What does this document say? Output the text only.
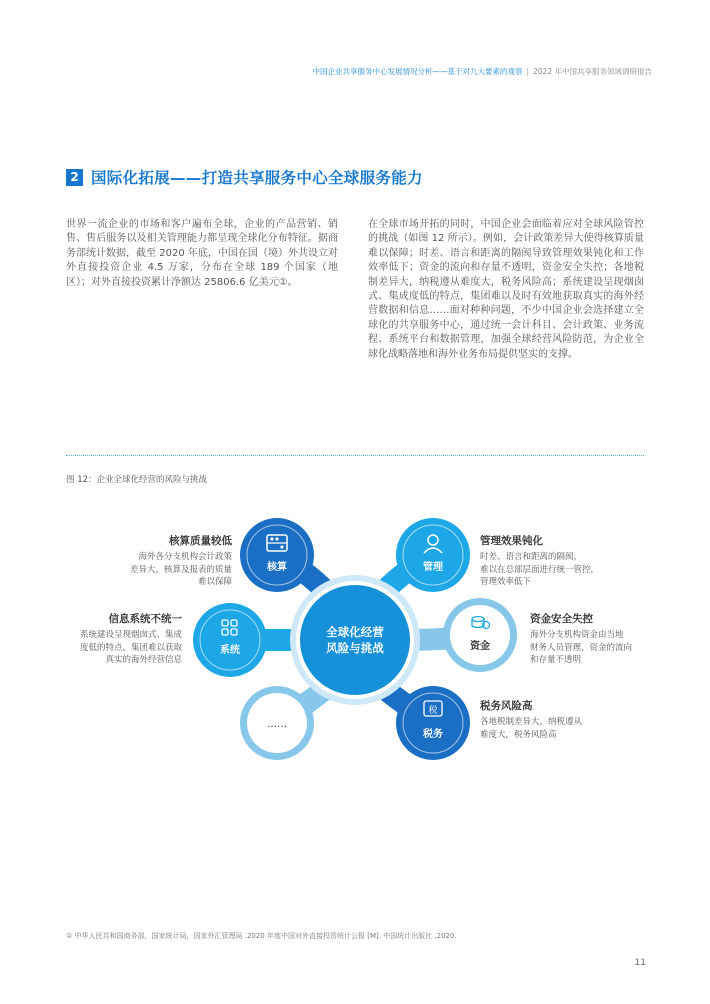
中国企业共享服务中心发展情况分析——基于对九大要素的观察 | 2022 年中国共享服务领域调研报告
2 国际化拓展——打造共享服务中心全球服务能力
世界一流企业的市场和客户遍布全球，企业的产品营销、销售、售后服务以及相关管理能力都呈现全球化分布特征。据商务部统计数据，截至 2020 年底，中国在国（境）外共设立对外直接投资企业 4.5 万家，分布在全球 189 个国家（地区）；对外直接投资累计净额达 25806.6 亿美元①。
在全球市场开拓的同时，中国企业会面临着应对全球风险管控的挑战（如图 12 所示）。例如，会计政策差异大使得核算质量难以保障；时差、语言和距离的隔阂导致管理效果钝化和工作效率低下；资金的流向和存量不透明，资金安全失控；各地税制差异大，纳税遵从难度大，税务风险高；系统建设呈现烟囱式、集成度低的特点，集团难以及时有效地获取真实的海外经营数据和信息……面对种种问题，不少中国企业会选择建立全球化的共享服务中心，通过统一会计科目、会计政策、业务流程、系统平台和数据管理，加强全球经营风险防范，为企业全球化战略落地和海外业务布局提供坚实的支撑。
图 12：企业全球化经营的风险与挑战
全球化经营
风险与挑战
核算	管理
系统	资金
……
税
税务
核算质量较低
海外各分支机构会计政策
差异大，核算及报表的质量
难以保障
管理效果钝化
时差、语言和距离的隔阂，
难以在总部层面进行统一管控，
管理效率低下
信息系统不统一
系统建设呈现烟囱式、集成
度低的特点，集团难以获取
真实的海外经营信息
资金安全失控
海外分支机构资金由当地
财务人员管理，资金的流向
和存量不透明
税务风险高
各地税制差异大，纳税遵从
难度大，税务风险高
① 中华人民共和国商务部，国家统计局，国家外汇管理局 .2020 年度中国对外直接投资统计公报 [M]. 中国统计出版社 ,2020.
11
